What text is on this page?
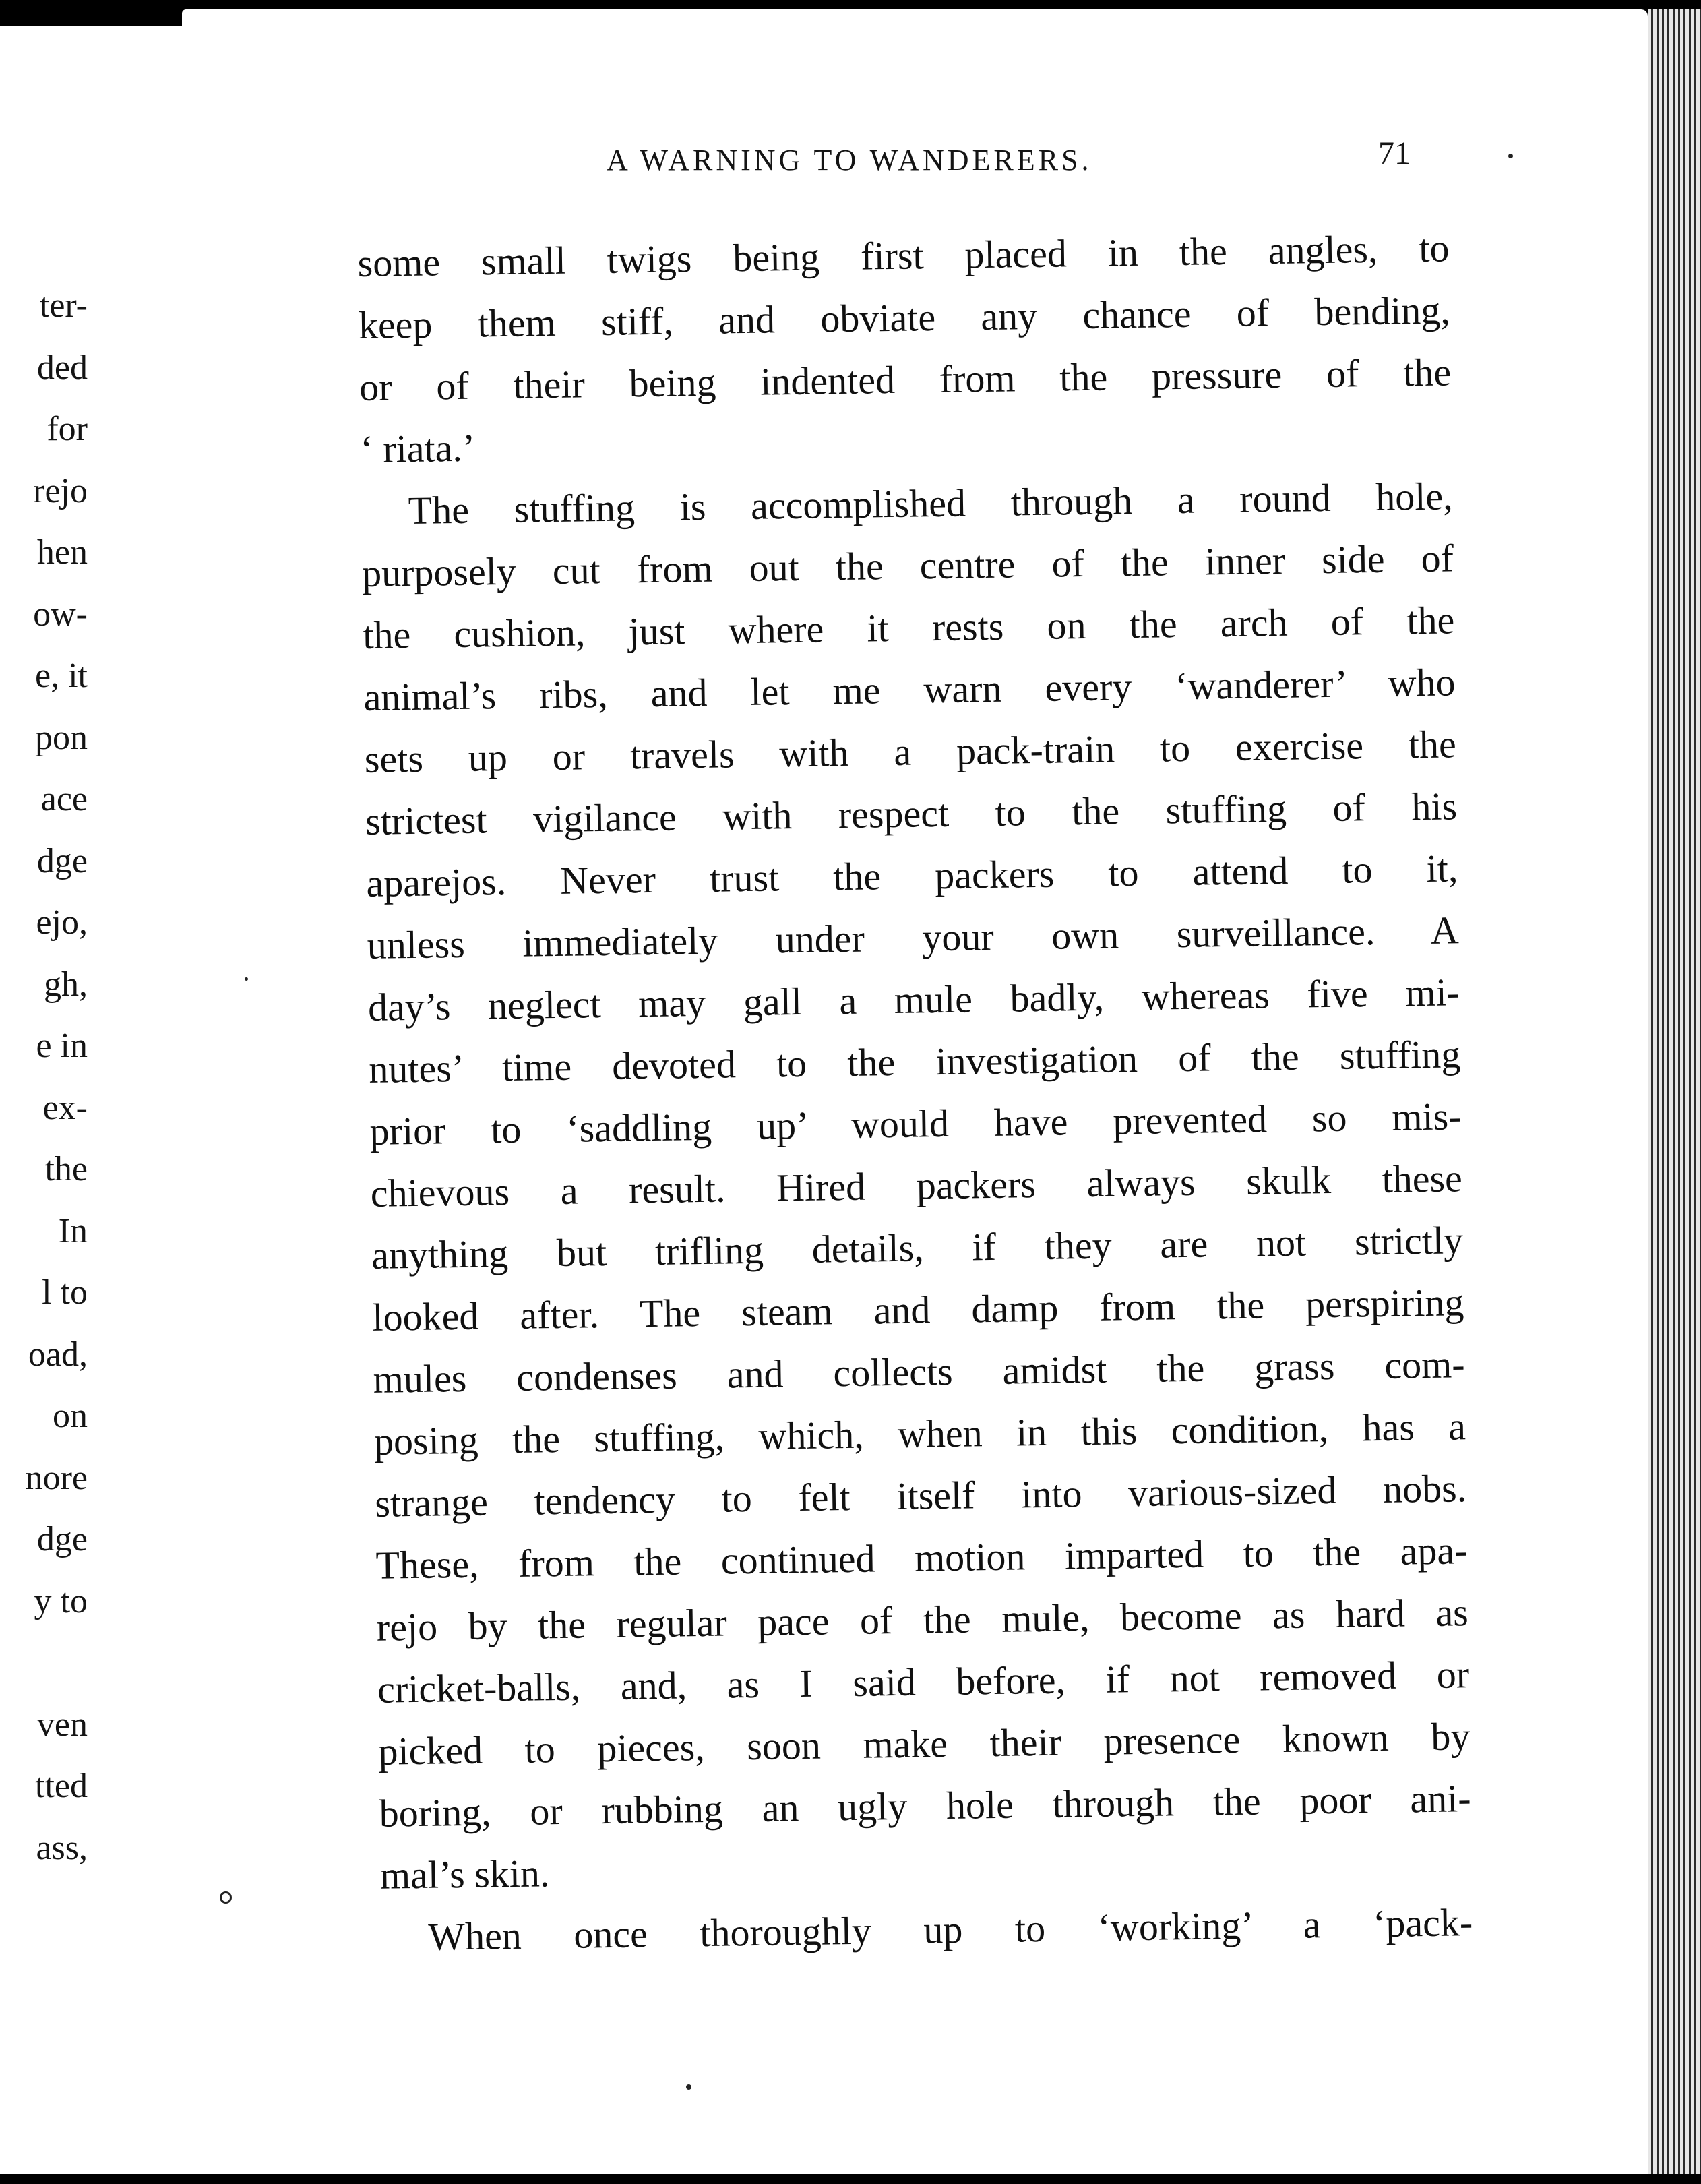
ter-
ded
for
rejo
hen
ow-
e, it
pon
ace
dge
ejo,
gh,
e in
ex-
the
In
l to
oad,
on
nore
dge
y to
ven
tted
ass,
A WARNING TO WANDERERS.	71
some small twigs being first placed in the angles, to
keep them stiff, and obviate any chance of bending,
or of their being indented from the pressure of the
‘ riata.’
The stuffing is accomplished through a round hole,
purposely cut from out the centre of the inner side of
the cushion, just where it rests on the arch of the
animal’s ribs, and let me warn every ‘wanderer’ who
sets up or travels with a pack-train to exercise the
strictest vigilance with respect to the stuffing of his
aparejos. Never trust the packers to attend to it,
unless immediately under your own surveillance. A
day’s neglect may gall a mule badly, whereas five mi-
nutes’ time devoted to the investigation of the stuffing
prior to ‘saddling up’ would have prevented so mis-
chievous a result. Hired packers always skulk these
anything but trifling details, if they are not strictly
looked after. The steam and damp from the perspiring
mules condenses and collects amidst the grass com-
posing the stuffing, which, when in this condition, has a
strange tendency to felt itself into various-sized nobs.
These, from the continued motion imparted to the apa-
rejo by the regular pace of the mule, become as hard as
cricket-balls, and, as I said before, if not removed or
picked to pieces, soon make their presence known by
boring, or rubbing an ugly hole through the poor ani-
mal’s skin.
When once thoroughly up to ‘working’ a ‘pack-
